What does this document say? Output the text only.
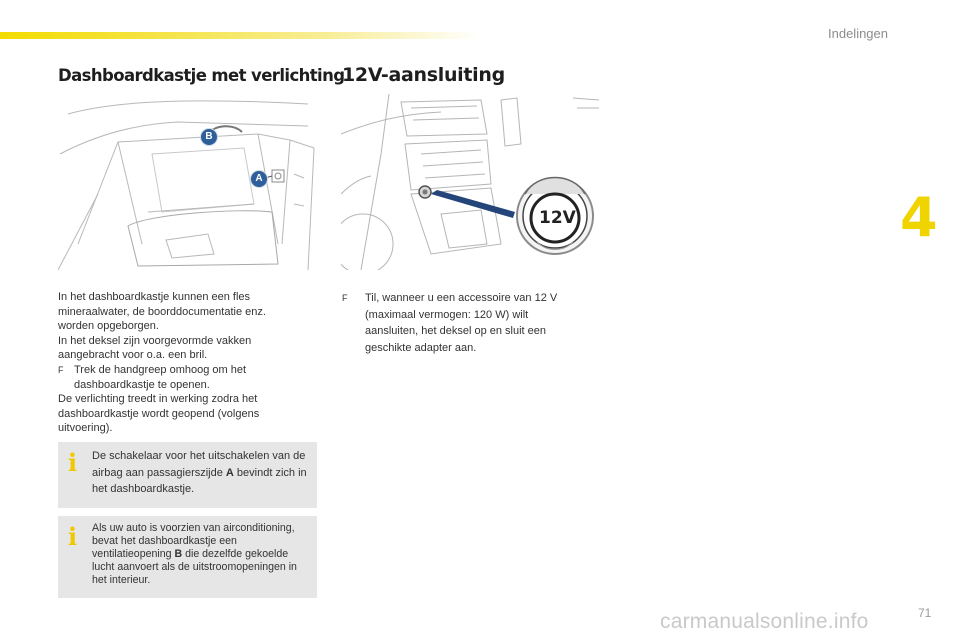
Indelingen
4
Dashboardkastje met verlichting
12V-aansluiting
B
A
12V

In het dashboardkastje kunnen een fles mineraalwater, de boorddocumentatie enz. worden opgeborgen.

In het deksel zijn voorgevormde vakken aangebracht voor o.a. een bril.

F Trek de handgreep omhoog om het dashboardkastje te openen.

De verlichting treedt in werking zodra het dashboardkastje wordt geopend (volgens uitvoering).

i De schakelaar voor het uitschakelen van de airbag aan passagierszijde A bevindt zich in het dashboardkastje.
i Als uw auto is voorzien van airconditioning, bevat het dashboardkastje een ventilatieopening B die dezelfde gekoelde lucht aanvoert als de uitstroomopeningen in het interieur.
F	Til, wanneer u een accessoire van 12 V (maximaal vermogen: 120 W) wilt aansluiten, het deksel op en sluit een geschikte adapter aan.
carmanualsonline.info	71
